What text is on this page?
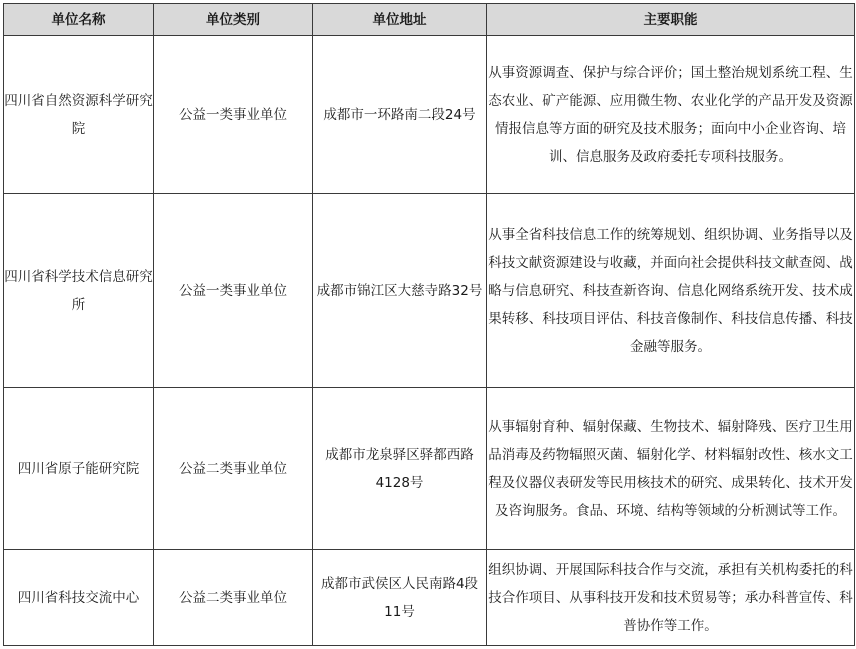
单位名称	单位类别	单位地址	主要职能
四川省自然资源科学研究院	公益一类事业单位	成都市一环路南二段24号	从事资源调查、保护与综合评价；国土整治规划系统工程、生态农业、矿产能源、应用微生物、农业化学的产品开发及资源情报信息等方面的研究及技术服务；面向中小企业咨询、培训、信息服务及政府委托专项科技服务。
四川省科学技术信息研究所	公益一类事业单位	成都市锦江区大慈寺路32号	从事全省科技信息工作的统筹规划、组织协调、业务指导以及科技文献资源建设与收藏，并面向社会提供科技文献查阅、战略与信息研究、科技查新咨询、信息化网络系统开发、技术成果转移、科技项目评估、科技音像制作、科技信息传播、科技金融等服务。
四川省原子能研究院	公益二类事业单位	成都市龙泉驿区驿都西路4128号	从事辐射育种、辐射保藏、生物技术、辐射降残、医疗卫生用品消毒及药物辐照灭菌、辐射化学、材料辐射改性、核水文工程及仪器仪表研发等民用核技术的研究、成果转化、技术开发及咨询服务。食品、环境、结构等领域的分析测试等工作。
四川省科技交流中心	公益二类事业单位	成都市武侯区人民南路4段11号	组织协调、开展国际科技合作与交流，承担有关机构委托的科技合作项目、从事科技开发和技术贸易等；承办科普宣传、科普协作等工作。
